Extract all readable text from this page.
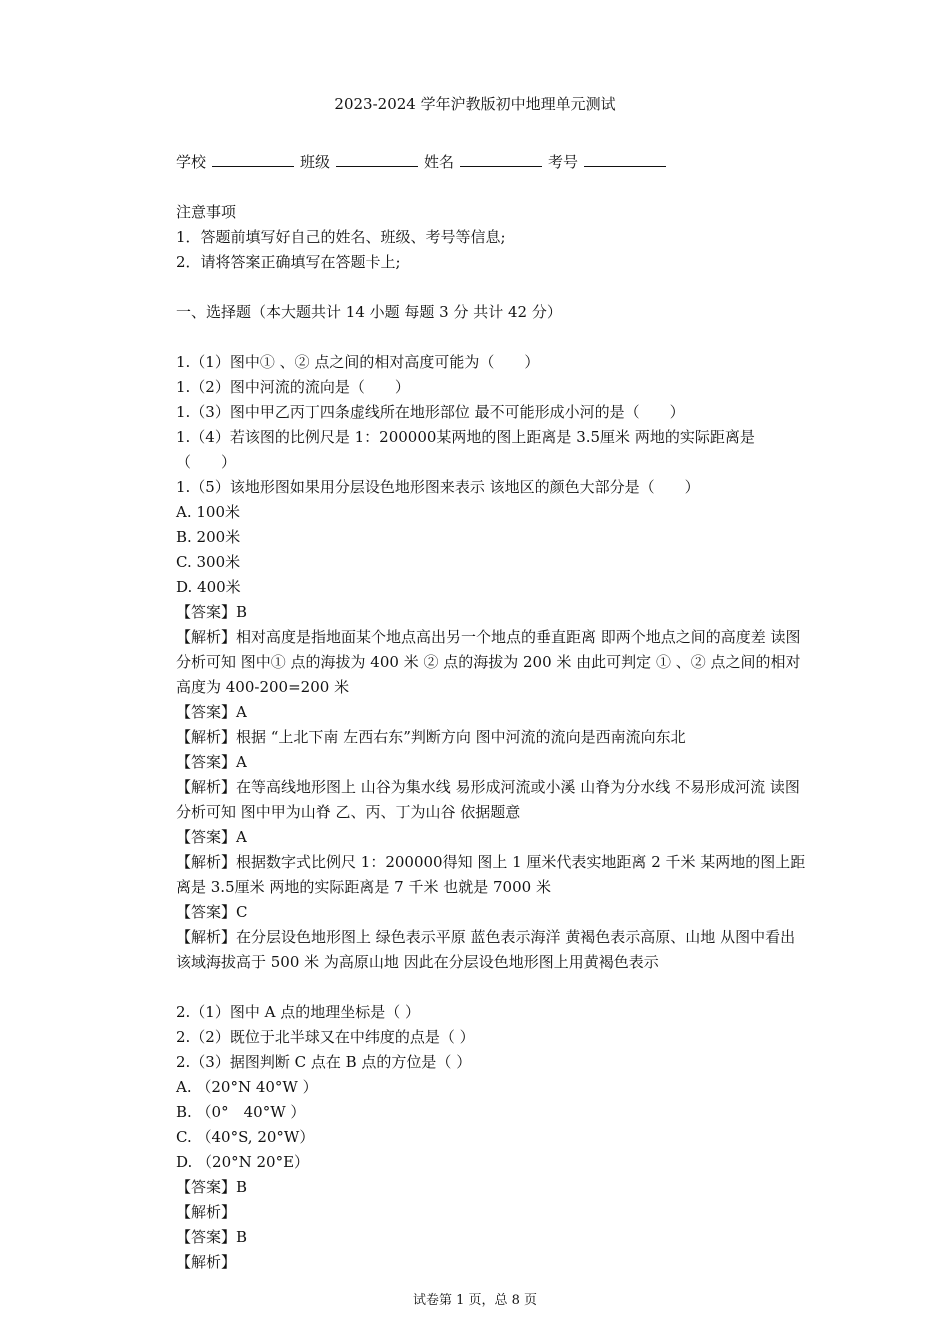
2023-2024 学年沪教版初中地理单元测试
学校	班级	姓名	考号
注意事项
1．答题前填写好自己的姓名、班级、考号等信息;
2．请将答案正确填写在答题卡上;
一、选择题（本大题共计 14 小题 每题 3 分 共计 42 分）
1.（1）图中① 、② 点之间的相对高度可能为（　　）
1.（2）图中河流的流向是（　　）
1.（3）图中甲乙丙丁四条虚线所在地形部位 最不可能形成小河的是（　　）
1.（4）若该图的比例尺是 1：200000某两地的图上距离是 3.5厘米 两地的实际距离是（　　）
1.（5）该地形图如果用分层设色地形图来表示 该地区的颜色大部分是（　　）
A. 100米
B. 200米
C. 300米
D. 400米
【答案】B
【解析】相对高度是指地面某个地点高出另一个地点的垂直距离 即两个地点之间的高度差 读图分析可知 图中① 点的海拔为 400 米 ② 点的海拔为 200 米 由此可判定 ① 、② 点之间的相对高度为 400-200=200 米
【答案】A
【解析】根据 “上北下南 左西右东”判断方向 图中河流的流向是西南流向东北
【答案】A
【解析】在等高线地形图上 山谷为集水线 易形成河流或小溪 山脊为分水线 不易形成河流 读图分析可知 图中甲为山脊 乙、丙、丁为山谷 依据题意
【答案】A
【解析】根据数字式比例尺 1：200000得知 图上 1 厘米代表实地距离 2 千米 某两地的图上距离是 3.5厘米 两地的实际距离是 7 千米 也就是 7000 米
【答案】C
【解析】在分层设色地形图上 绿色表示平原 蓝色表示海洋 黄褐色表示高原、山地 从图中看出 该域海拔高于 500 米 为高原山地 因此在分层设色地形图上用黄褐色表示
2.（1）图中 A 点的地理坐标是（ ）
2.（2）既位于北半球又在中纬度的点是（ ）
2.（3）据图判断 C 点在 B 点的方位是（ ）
A. （20°N 40°W ）
B. （0°　40°W ）
C. （40°S, 20°W）
D. （20°N 20°E）
【答案】B
【解析】
【答案】B
【解析】
试卷第 1 页，总 8 页
